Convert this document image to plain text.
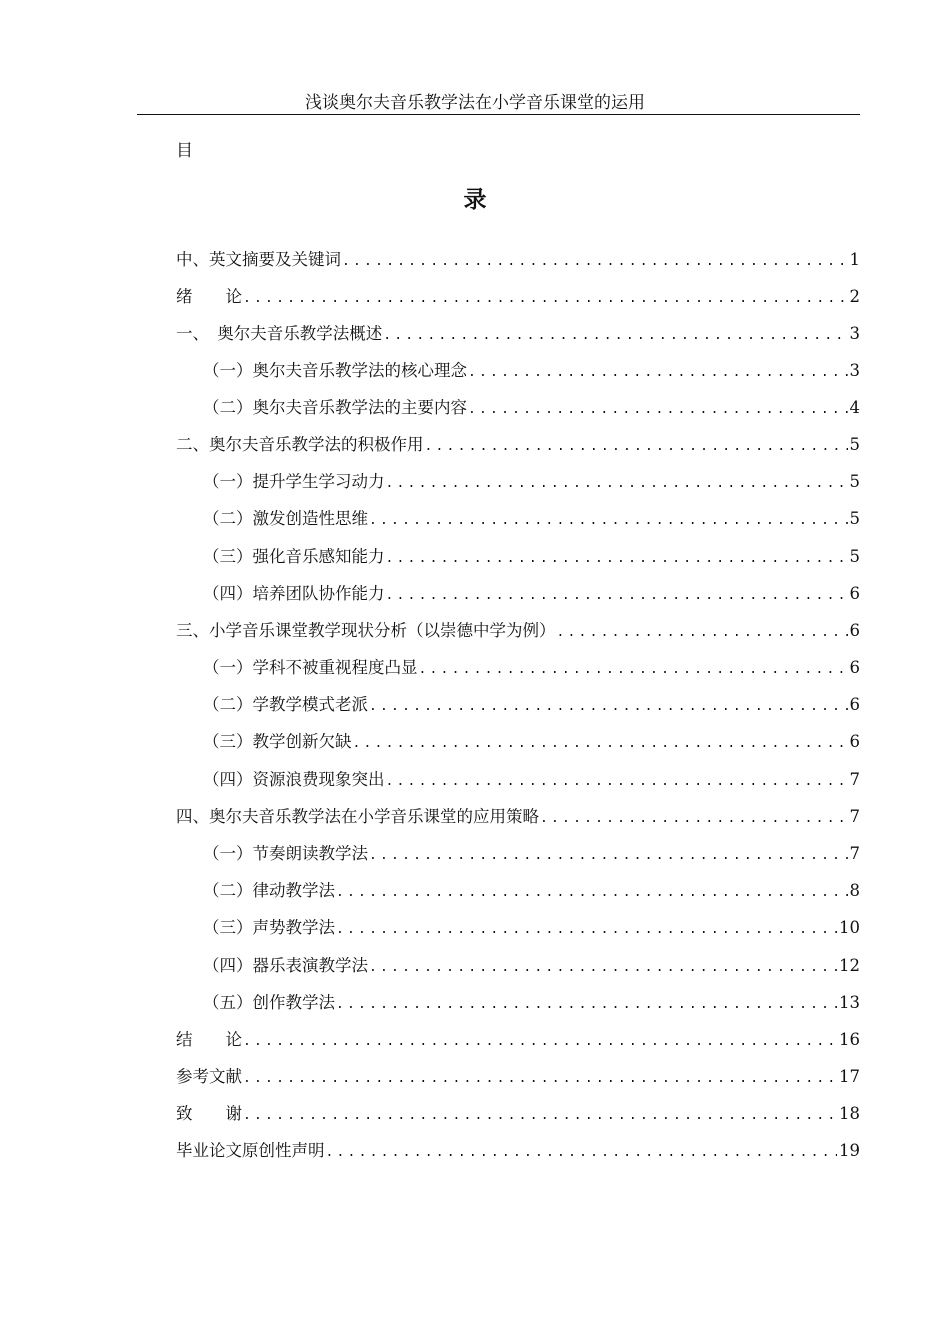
浅谈奥尔夫音乐教学法在小学音乐课堂的运用
目
录
中、英文摘要及关键词 .....	1
绪　　论 .....	2
一、　奥尔夫音乐教学法概述 .....	3
（一）奥尔夫音乐教学法的核心理念 .....	3
（二）奥尔夫音乐教学法的主要内容 .....	4
二、奥尔夫音乐教学法的积极作用 .....	5
（一）提升学生学习动力 .....	5
（二）激发创造性思维 .....	5
（三）强化音乐感知能力 .....	5
（四）培养团队协作能力 .....	6
三、小学音乐课堂教学现状分析（以崇德中学为例） .....	6
（一）学科不被重视程度凸显 .....	6
（二）学教学模式老派 .....	6
（三）教学创新欠缺 .....	6
（四）资源浪费现象突出 .....	7
四、奥尔夫音乐教学法在小学音乐课堂的应用策略 .....	7
（一）节奏朗读教学法 .....	7
（二）律动教学法 .....	8
（三）声势教学法 .....	10
（四）器乐表演教学法 .....	12
（五）创作教学法 .....	13
结　　论 .....	16
参考文献 .....	17
致　　谢 .....	18
毕业论文原创性声明 .....	19
